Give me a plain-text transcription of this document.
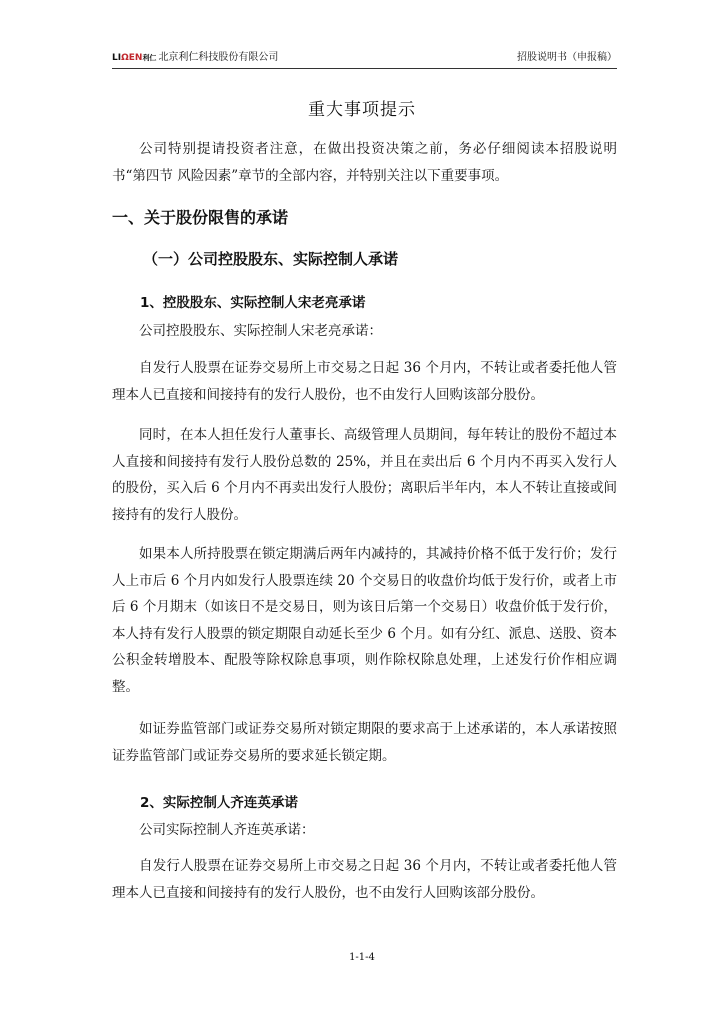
LIΩEN利仁 北京利仁科技股份有限公司	招股说明书（申报稿）
重大事项提示

公司特别提请投资者注意，在做出投资决策之前，务必仔细阅读本招股说明书“第四节 风险因素”章节的全部内容，并特别关注以下重要事项。

一、关于股份限售的承诺
（一）公司控股股东、实际控制人承诺
1、控股股东、实际控制人宋老亮承诺

公司控股股东、实际控制人宋老亮承诺：

自发行人股票在证券交易所上市交易之日起 36 个月内，不转让或者委托他人管理本人已直接和间接持有的发行人股份，也不由发行人回购该部分股份。

同时，在本人担任发行人董事长、高级管理人员期间，每年转让的股份不超过本人直接和间接持有发行人股份总数的 25%，并且在卖出后 6 个月内不再买入发行人的股份，买入后 6 个月内不再卖出发行人股份；离职后半年内，本人不转让直接或间接持有的发行人股份。

如果本人所持股票在锁定期满后两年内减持的，其减持价格不低于发行价；发行人上市后 6 个月内如发行人股票连续 20 个交易日的收盘价均低于发行价，或者上市后 6 个月期末（如该日不是交易日，则为该日后第一个交易日）收盘价低于发行价，本人持有发行人股票的锁定期限自动延长至少 6 个月。如有分红、派息、送股、资本公积金转增股本、配股等除权除息事项，则作除权除息处理，上述发行价作相应调整。

如证券监管部门或证券交易所对锁定期限的要求高于上述承诺的，本人承诺按照证券监管部门或证券交易所的要求延长锁定期。

2、实际控制人齐连英承诺

公司实际控制人齐连英承诺：

自发行人股票在证券交易所上市交易之日起 36 个月内，不转让或者委托他人管理本人已直接和间接持有的发行人股份，也不由发行人回购该部分股份。

1-1-4
